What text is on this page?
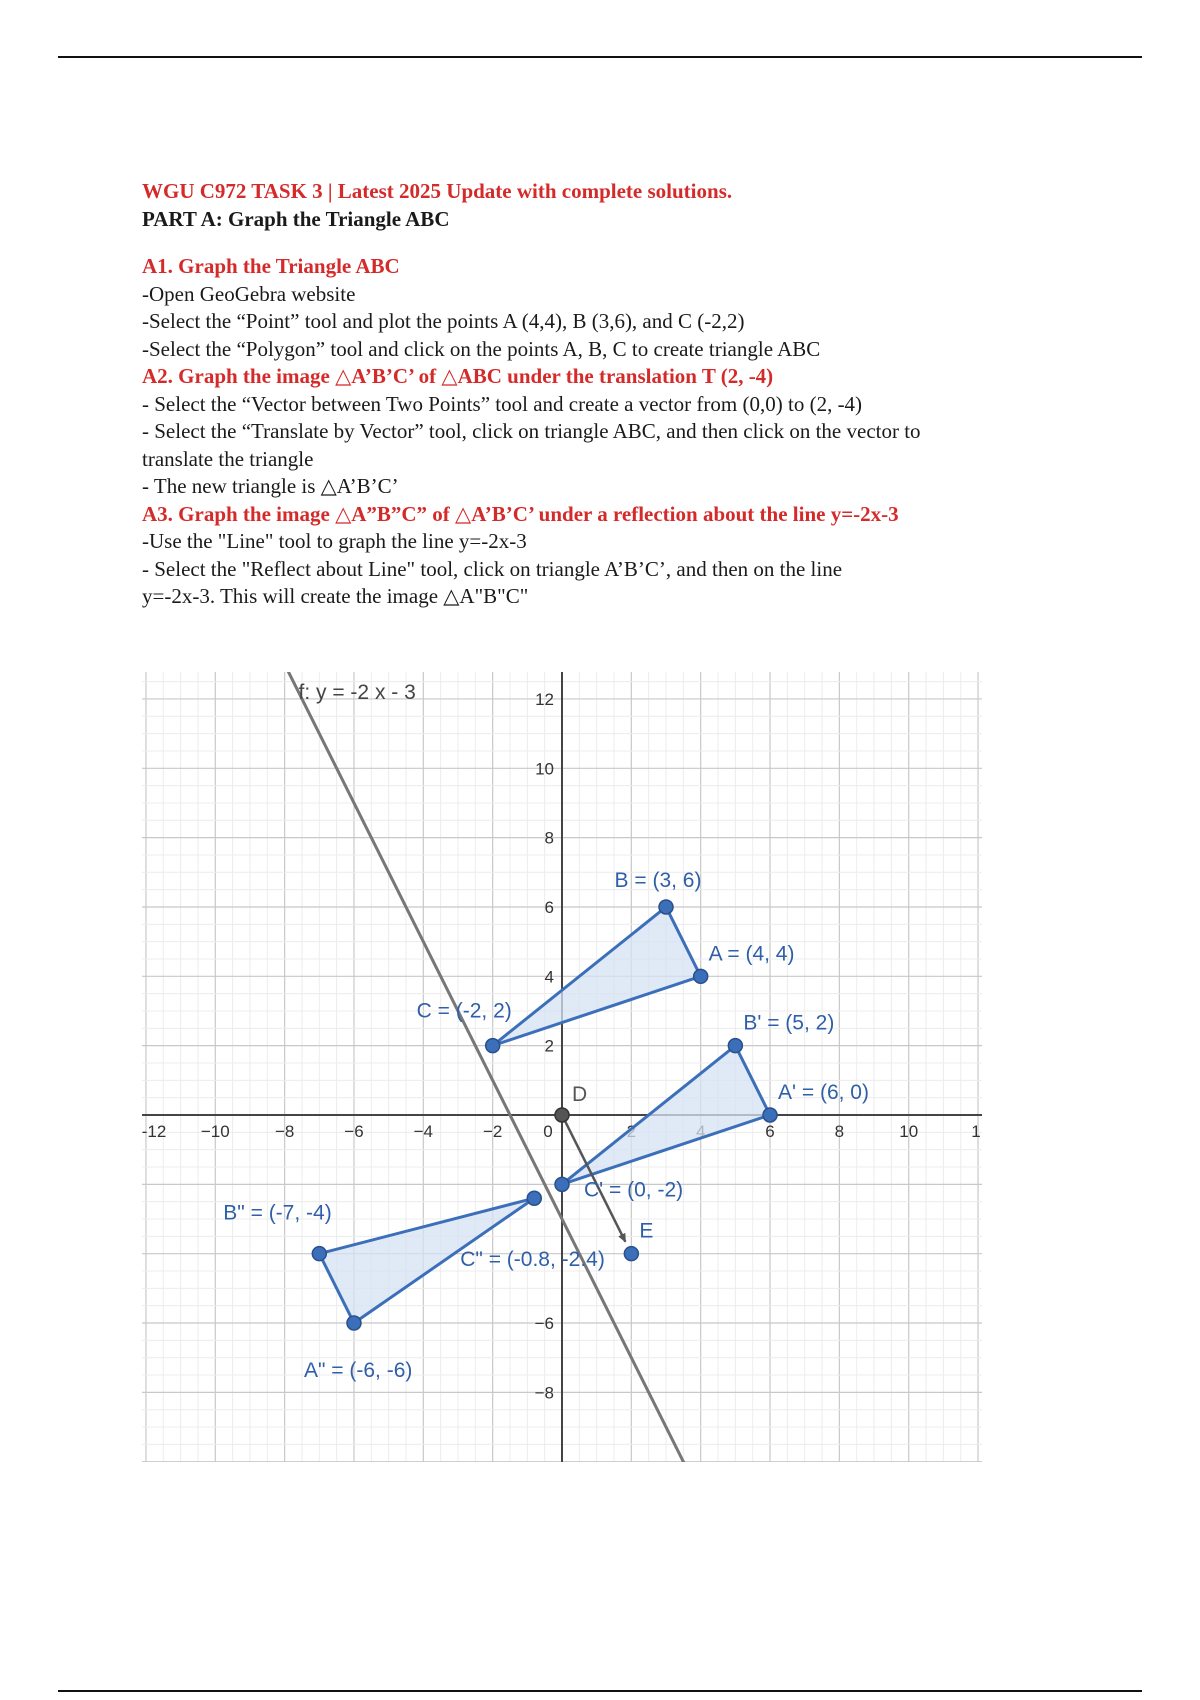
WGU C972 TASK 3 | Latest 2025 Update with complete solutions.
PART A: Graph the Triangle ABC
A1. Graph the Triangle ABC
-Open GeoGebra website
-Select the “Point” tool and plot the points A (4,4), B (3,6), and C (-2,2)
-Select the “Polygon” tool and click on the points A, B, C to create triangle ABC
A2. Graph the image △A’B’C’ of △ABC under the translation T (2, -4)
- Select the “Vector between Two Points” tool and create a vector from (0,0) to (2, -4)
- Select the “Translate by Vector” tool, click on triangle ABC, and then click on the vector to
translate the triangle
- The new triangle is △A’B’C’
A3. Graph the image △A”B”C” of △A’B’C’ under a reflection about the line y=-2x-3
-Use the "Line" tool to graph the line y=-2x-3
- Select the "Reflect about Line" tool, click on triangle A’B’C’, and then on the line
y=-2x-3. This will create the image △A"B"C"
-12 −10	−8	−6	−4	−2 0	6	8	10	1
12
10
8
6
4
2
−6
−8
f: y = -2 x - 3
B = (3, 6)
A = (4, 4)
C = (-2, 2)
B' = (5, 2)
A' = (6, 0)
C' = (0, -2)
D
E
B" = (-7, -4)
C" = (-0.8, -2.4)
A" = (-6, -6)
